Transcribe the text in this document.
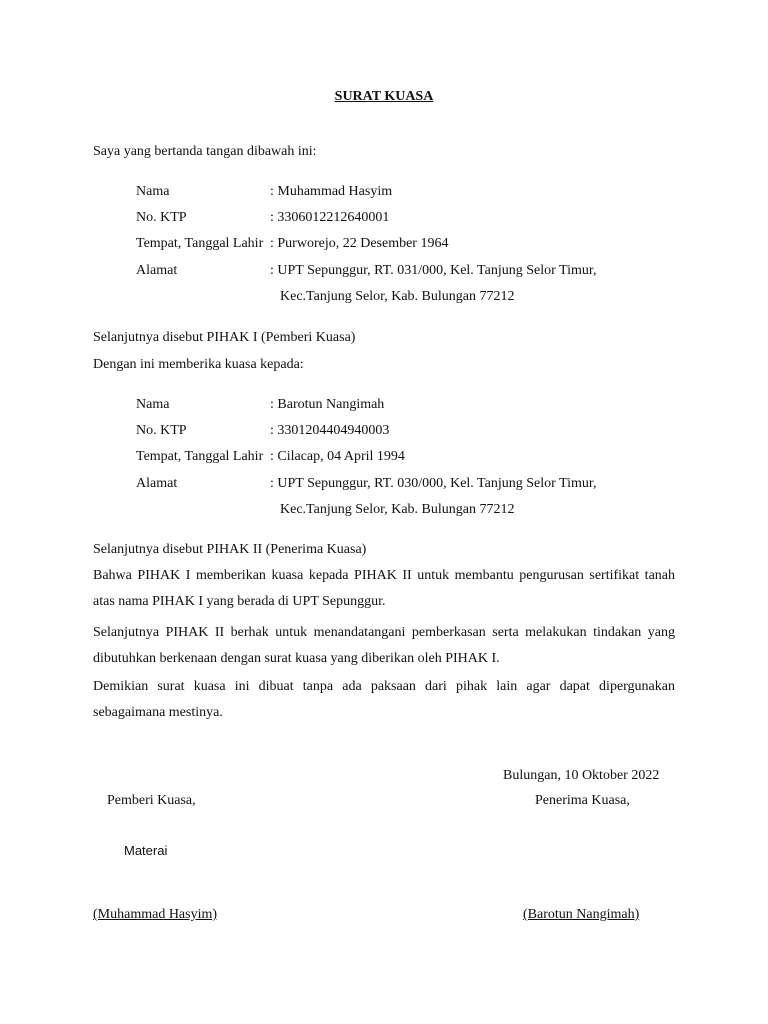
SURAT KUASA
Saya yang bertanda tangan dibawah ini:
Nama	: Muhammad Hasyim
No. KTP	: 3306012212640001
Tempat, Tanggal Lahir : Purworejo, 22 Desember 1964
Alamat	: UPT Sepunggur, RT. 031/000, Kel. Tanjung Selor Timur,
Kec.Tanjung Selor, Kab. Bulungan 77212
Selanjutnya disebut PIHAK I (Pemberi Kuasa)
Dengan ini memberika kuasa kepada:
Nama	: Barotun Nangimah
No. KTP	: 3301204404940003
Tempat, Tanggal Lahir : Cilacap, 04 April 1994
Alamat	: UPT Sepunggur, RT. 030/000, Kel. Tanjung Selor Timur,
Kec.Tanjung Selor, Kab. Bulungan 77212
Selanjutnya disebut PIHAK II (Penerima Kuasa)
Bahwa PIHAK I memberikan kuasa kepada PIHAK II untuk membantu pengurusan sertifikat tanah atas nama PIHAK I yang berada di UPT Sepunggur.
Selanjutnya PIHAK II berhak untuk menandatangani pemberkasan serta melakukan tindakan yang dibutuhkan berkenaan dengan surat kuasa yang diberikan oleh PIHAK I.
Demikian surat kuasa ini dibuat tanpa ada paksaan dari pihak lain agar dapat dipergunakan sebagaimana mestinya.
Bulungan, 10 Oktober 2022
Pemberi Kuasa,	Penerima Kuasa,
Materai
(Muhammad Hasyim)	(Barotun Nangimah)
